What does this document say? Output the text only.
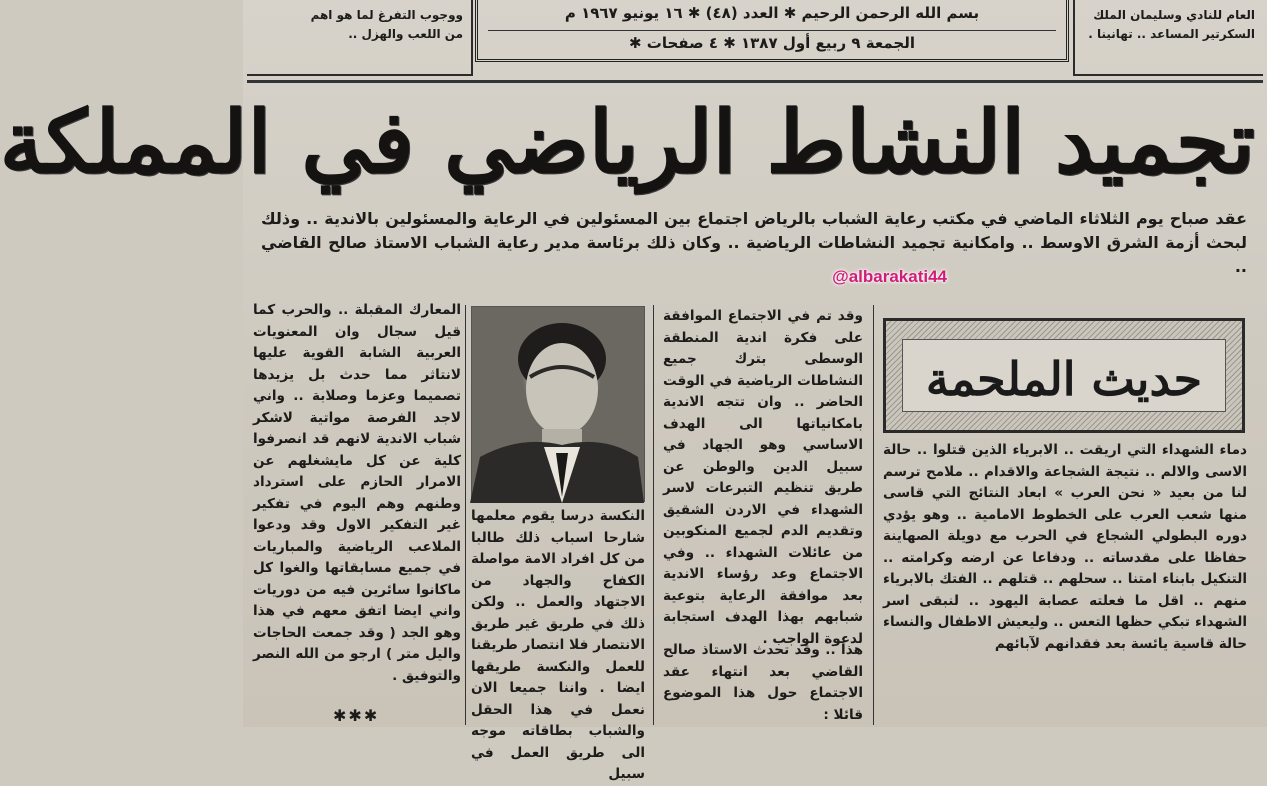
ووجوب التفرغ لما هو اهم
من اللعب والهزل ..
العام للنادي وسليمان الملك
السكرتير المساعد .. تهانينا .
بسم الله الرحمن الرحيم ✱ العدد (٤٨) ✱ ١٦ يونيو ١٩٦٧ م
الجمعة ٩ ربيع أول ١٣٨٧ ✱ ٤ صفحات ✱
تجميد النشاط الرياضي في المملكة
عقد صباح يوم الثلاثاء الماضي في مكتب رعاية الشباب بالرياض اجتماع بين المسئولين في الرعاية والمسئولين بالاندية .. وذلك لبحث أزمة الشرق الاوسط .. وامكانية تجميد النشاطات الرياضية .. وكان ذلك برئاسة مدير رعاية الشباب الاستاذ صالح القاضي ..
@albarakati44
حديث الملحمة
دماء الشهداء التي اريقت .. الابرياء الذين قتلوا .. حالة الاسى والالم .. نتيجة الشجاعة والاقدام .. ملامح ترسم لنا من بعيد « نحن العرب » ابعاد النتائج التي قاسى منها شعب العرب على الخطوط الامامية .. وهو يؤدي دوره البطولي الشجاع في الحرب مع دويلة الصهاينة حفاظا على مقدساته .. ودفاعا عن ارضه وكرامته .. التنكيل بابناء امتنا .. سحلهم .. قتلهم .. الفتك بالابرياء منهم .. اقل ما فعلته عصابة اليهود .. لنبقى اسر الشهداء تبكي حظها التعس .. وليعيش الاطفال والنساء حالة قاسية يائسة بعد فقدانهم لآبائهم
وقد تم في الاجتماع الموافقة على فكرة اندية المنطقة الوسطى بترك جميع النشاطات الرياضية في الوقت الحاضر .. وان تتجه الاندية بامكانياتها الى الهدف الاساسي وهو الجهاد في سبيل الدين والوطن عن طريق تنظيم التبرعات لاسر الشهداء في الاردن الشقيق وتقديم الدم لجميع المنكوبين من عائلات الشهداء .. وفي الاجتماع وعد رؤساء الاندية بعد موافقة الرعاية بتوعية شبابهم بهذا الهدف استجابة لدعوة الواجب .
هذا .. وقد تحدث الاستاذ صالح القاضي بعد انتهاء عقد الاجتماع حول هذا الموضوع قائلا :
النكسة درسا يقوم معلمها شارحا اسباب ذلك طالبا من كل افراد الامة مواصلة الكفاح والجهاد من الاجتهاد والعمل .. ولكن ذلك في طريق غير طريق الانتصار فلا انتصار طريقنا للعمل والنكسة طريقها ايضا . واننا جميعا الان نعمل في هذا الحقل والشباب بطاقاته موجه الى طريق العمل في سبيل
المعارك المقبلة .. والحرب كما قيل سجال وان المعنويات العربية الشابة القوية عليها لانتاثر مما حدث بل يزيدها تصميما وعزما وصلابة .. واني لاجد الفرصة مواتية لاشكر شباب الاندية لانهم قد انصرفوا كلية عن كل مايشغلهم عن الامرار الحازم على استرداد وطنهم وهم اليوم في تفكير غير التفكير الاول وقد ودعوا الملاعب الرياضية والمباريات في جميع مسابقاتها والغوا كل ماكانوا سائرين فيه من دوريات واني ايضا اتفق معهم في هذا وهو الجد ( وقد جمعت الحاجات واليل متر ) ارجو من الله النصر والتوفيق .
✱✱✱
